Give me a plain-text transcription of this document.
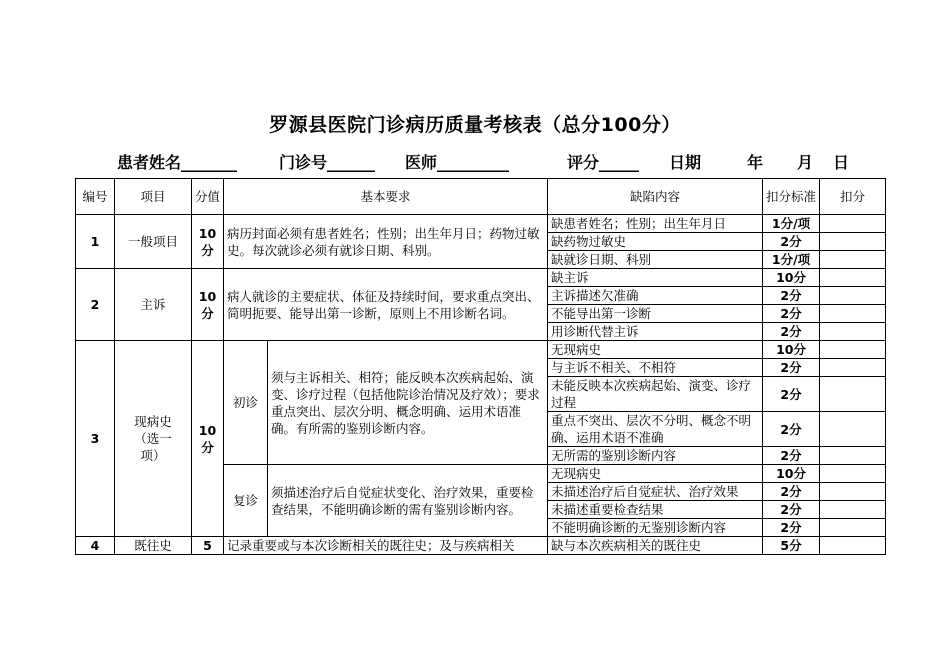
罗源县医院门诊病历质量考核表（总分100分）
患者姓名_______	门诊号______ 医师_________	评分_____ 日期	年 月 日
编号	项目	分值	基本要求		缺陷内容	扣分标准	扣分
1	一般项目	10分	病历封面必须有患者姓名；性别；出生年月日；药物过敏史。每次就诊必须有就诊日期、科别。		缺患者姓名；性别；出生年月日	1分/项	
					缺药物过敏史	2分	
					缺就诊日期、科别	1分/项	
2	主诉	10分	病人就诊的主要症状、体征及持续时间，要求重点突出、简明扼要、能导出第一诊断，原则上不用诊断名词。		缺主诉	10分	
					主诉描述欠准确	2分	
					不能导出第一诊断	2分	
					用诊断代替主诉	2分	
3	现病史（选一项）	10分	初诊	须与主诉相关、相符；能反映本次疾病起始、演变、诊疗过程（包括他院诊治情况及疗效）；要求重点突出、层次分明、概念明确、运用术语准确。有所需的鉴别诊断内容。	无现病史	10分	
					与主诉不相关、不相符	2分	
					未能反映本次疾病起始、演变、诊疗过程	2分	
					重点不突出、层次不分明、概念不明确、运用术语不准确	2分	
					无所需的鉴别诊断内容	2分	
			复诊	须描述治疗后自觉症状变化、治疗效果，重要检查结果，不能明确诊断的需有鉴别诊断内容。	无现病史	10分	
					未描述治疗后自觉症状、治疗效果	2分	
					未描述重要检查结果	2分	
					不能明确诊断的无鉴别诊断内容	2分	
4	既往史	5	记录重要或与本次诊断相关的既往史；及与疾病相关		缺与本次疾病相关的既往史	5分	
